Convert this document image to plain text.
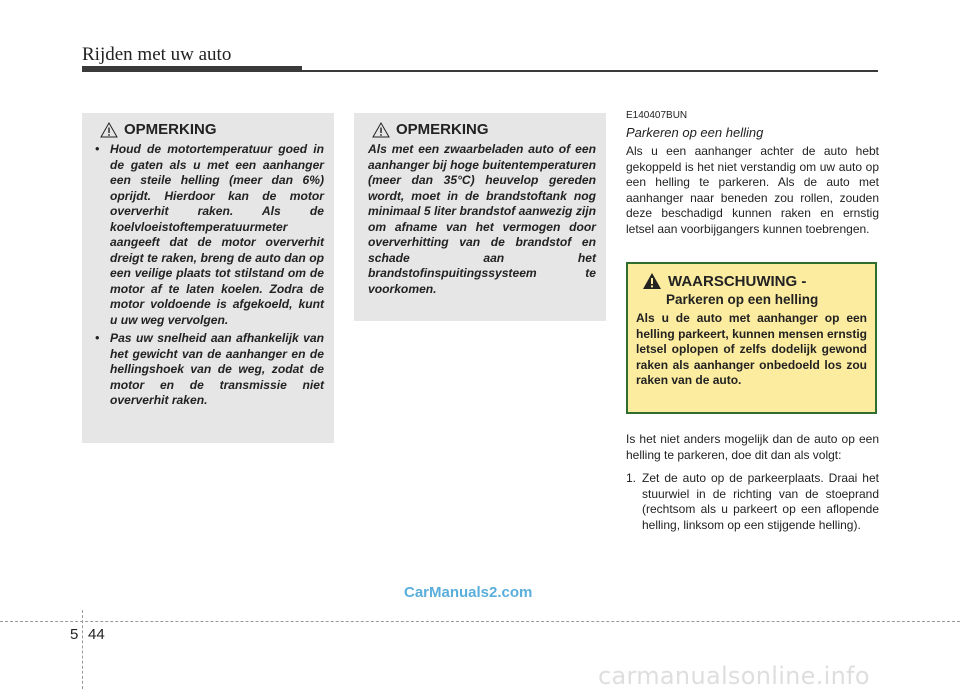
Rijden met uw auto
OPMERKING
• Houd de motortemperatuur goed in de gaten als u met een aanhanger een steile helling (meer dan 6%) oprijdt. Hierdoor kan de motor oververhit raken. Als de koelvloeistoftemperatuurmeter aangeeft dat de motor oververhit dreigt te raken, breng de auto dan op een veilige plaats tot stilstand om de motor af te laten koelen. Zodra de motor voldoende is afgekoeld, kunt u uw weg vervolgen.
• Pas uw snelheid aan afhankelijk van het gewicht van de aanhanger en de hellingshoek van de weg, zodat de motor en de transmissie niet oververhit raken.
OPMERKING
Als met een zwaarbeladen auto of een aanhanger bij hoge buitentemperaturen (meer dan 35°C) heuvelop gereden wordt, moet in de brandstoftank nog minimaal 5 liter brandstof aanwezig zijn om afname van het vermogen door oververhitting van de brandstof en schade aan het brandstofinspuitingssysteem te voorkomen.
E140407BUN
Parkeren op een helling

Als u een aanhanger achter de auto hebt gekoppeld is het niet verstandig om uw auto op een helling te parkeren. Als de auto met aanhanger naar beneden zou rollen, zouden deze beschadigd kunnen raken en ernstig letsel aan voorbijgangers kunnen toebrengen.

WAARSCHUWING -
Parkeren op een helling
Als u de auto met aanhanger op een helling parkeert, kunnen mensen ernstig letsel oplopen of zelfs dodelijk gewond raken als aanhanger onbedoeld los zou raken van de auto.

Is het niet anders mogelijk dan de auto op een helling te parkeren, doe dit dan als volgt:

1. Zet de auto op de parkeerplaats. Draai het stuurwiel in de richting van de stoeprand (rechtsom als u parkeert op een aflopende helling, linksom op een stijgende helling).
CarManuals2.com
5 44
carmanualsonline.info
